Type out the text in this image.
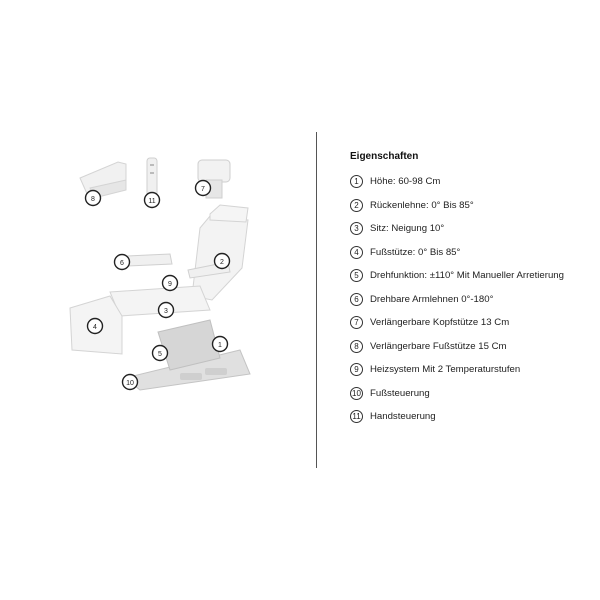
8	11
7
6	2
9
3
4
5
1
10
Eigenschaften
1	Höhe: 60-98 Cm
2	Rückenlehne: 0° Bis 85°
3	Sitz: Neigung 10°
4	Fußstütze: 0° Bis 85°
5	Drehfunktion: ±110° Mit Manueller Arretierung
6	Drehbare Armlehnen 0°-180°
7	Verlängerbare Kopfstütze 13 Cm
8	Verlängerbare Fußstütze 15 Cm
9	Heizsystem Mit 2 Temperaturstufen
10 Fußsteuerung
11 Handsteuerung
